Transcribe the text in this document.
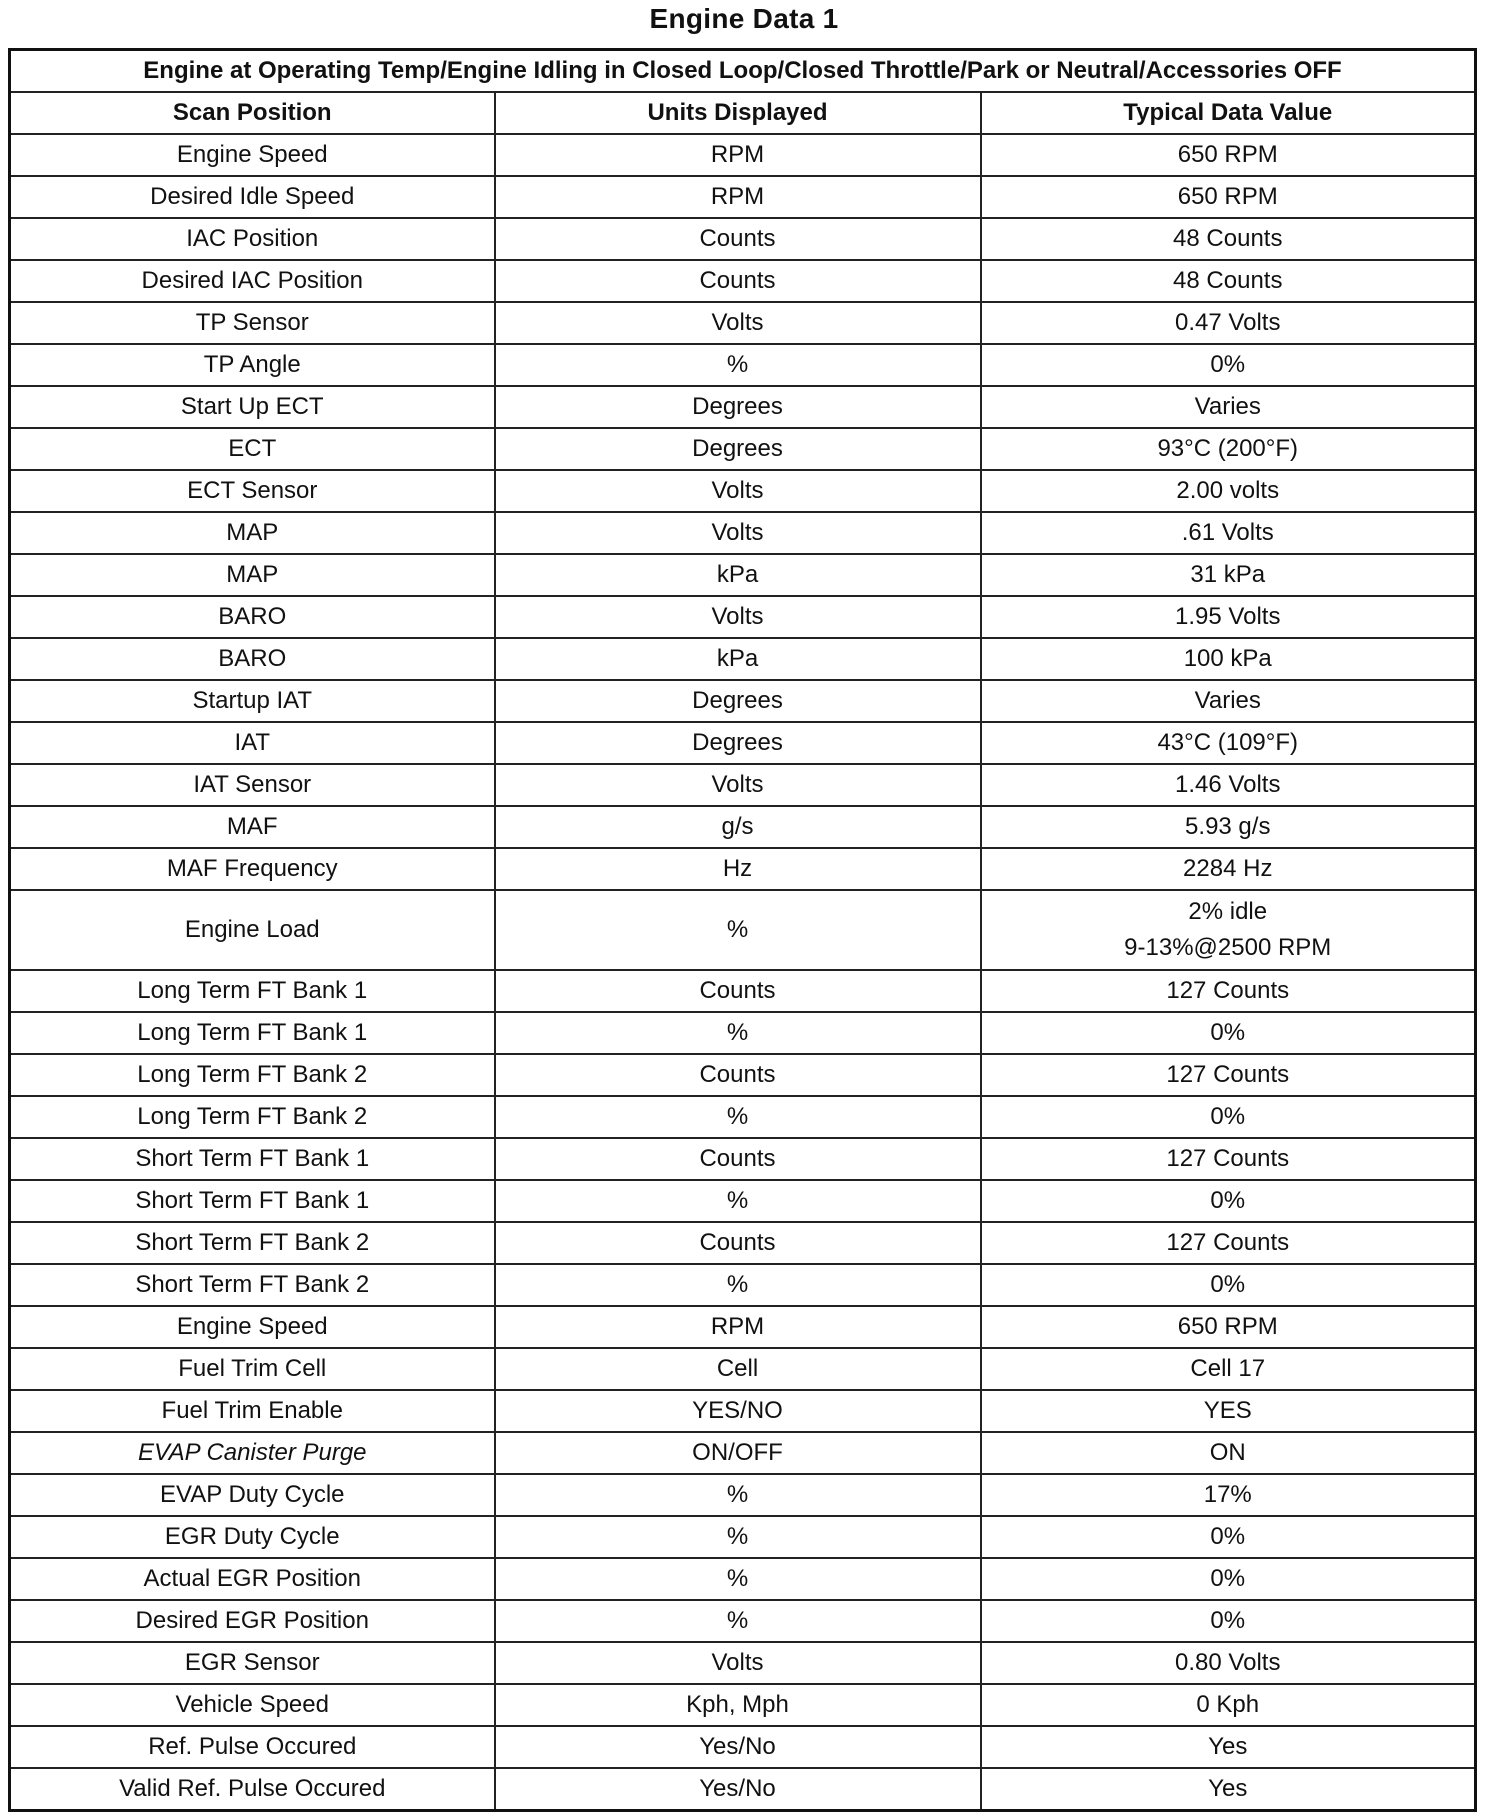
Engine Data 1
Engine at Operating Temp/Engine Idling in Closed Loop/Closed Throttle/Park or Neutral/Accessories OFF		
Scan Position	Units Displayed	Typical Data Value
Engine Speed	RPM	650 RPM
Desired Idle Speed	RPM	650 RPM
IAC Position	Counts	48 Counts
Desired IAC Position	Counts	48 Counts
TP Sensor	Volts	0.47 Volts
TP Angle	%	0%
Start Up ECT	Degrees	Varies
ECT	Degrees	93°C (200°F)
ECT Sensor	Volts	2.00 volts
MAP	Volts	.61 Volts
MAP	kPa	31 kPa
BARO	Volts	1.95 Volts
BARO	kPa	100 kPa
Startup IAT	Degrees	Varies
IAT	Degrees	43°C (109°F)
IAT Sensor	Volts	1.46 Volts
MAF	g/s	5.93 g/s
MAF Frequency	Hz	2284 Hz
Engine Load	%	2% idle
9-13%@2500 RPM

Long Term FT Bank 1	Counts	127 Counts
Long Term FT Bank 1	%	0%
Long Term FT Bank 2	Counts	127 Counts
Long Term FT Bank 2	%	0%
Short Term FT Bank 1	Counts	127 Counts
Short Term FT Bank 1	%	0%
Short Term FT Bank 2	Counts	127 Counts
Short Term FT Bank 2	%	0%
Engine Speed	RPM	650 RPM
Fuel Trim Cell	Cell	Cell 17
Fuel Trim Enable	YES/NO	YES
EVAP Canister Purge	ON/OFF	ON
EVAP Duty Cycle	%	17%
EGR Duty Cycle	%	0%
Actual EGR Position	%	0%
Desired EGR Position	%	0%
EGR Sensor	Volts	0.80 Volts
Vehicle Speed	Kph, Mph	0 Kph
Ref. Pulse Occured	Yes/No	Yes
Valid Ref. Pulse Occured	Yes/No	Yes
